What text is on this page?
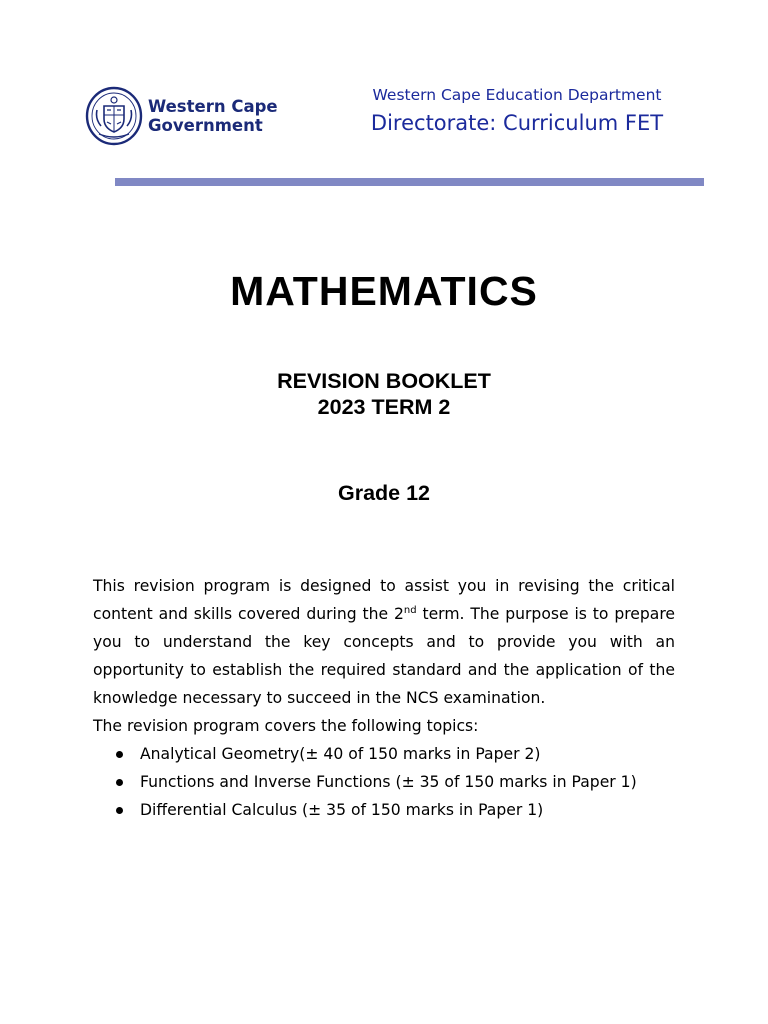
Western Cape
Government
Western Cape Education Department
Directorate: Curriculum FET
MATHEMATICS
REVISION BOOKLET
2023 TERM 2
Grade 12

This revision program is designed to assist you in revising the critical content and skills covered during the 2nd term. The purpose is to prepare you to understand the key concepts and to provide you with an opportunity to establish the required standard and the application of the knowledge necessary to succeed in the NCS examination.

The revision program covers the following topics:
Analytical Geometry(± 40 of 150 marks in Paper 2)
Functions and Inverse Functions (± 35 of 150 marks in Paper 1)
Differential Calculus (± 35 of 150 marks in Paper 1)
